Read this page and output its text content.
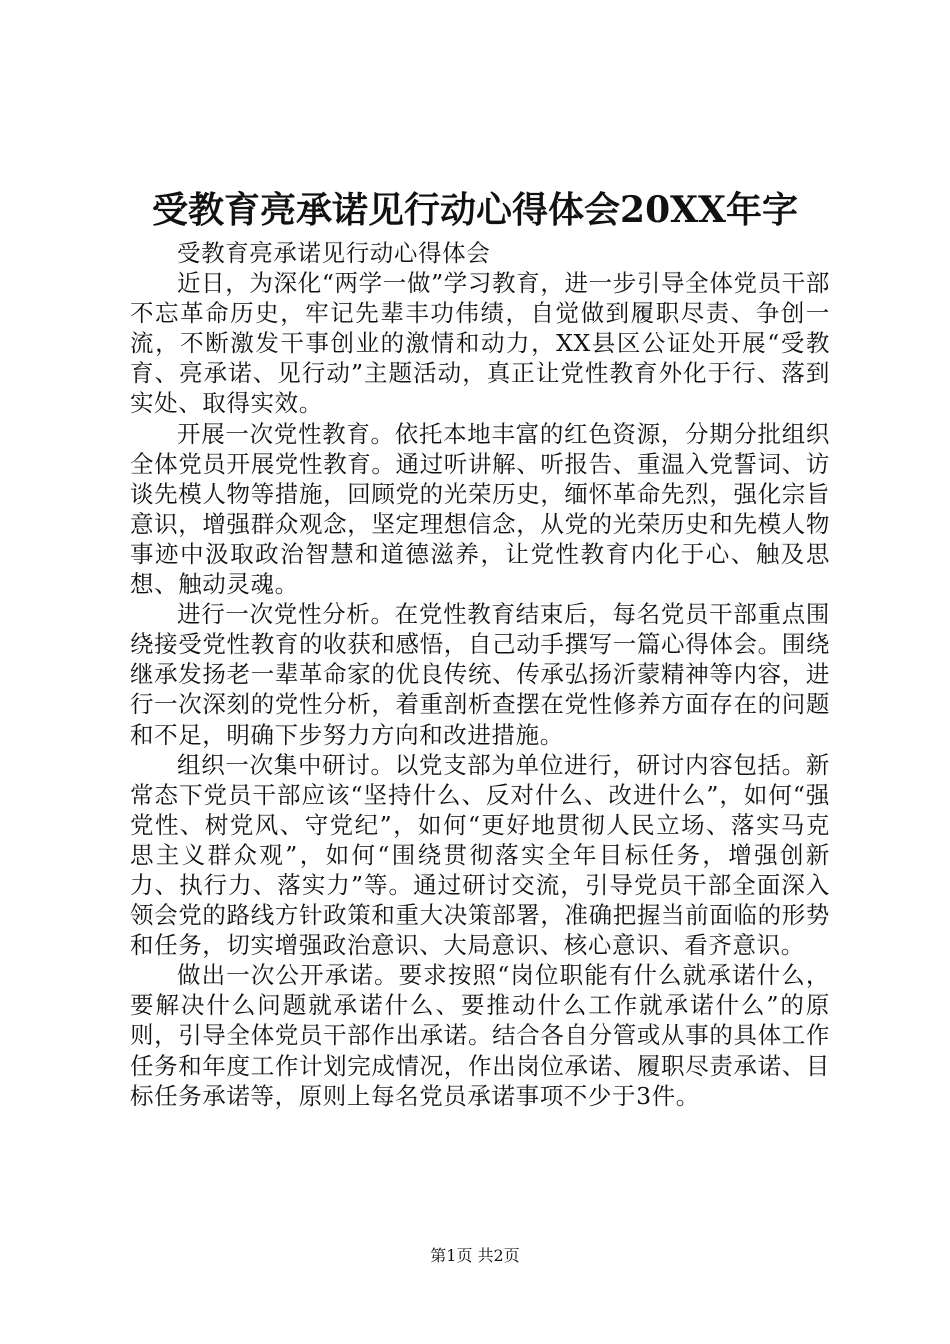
受教育亮承诺见行动心得体会20XX年字

受教育亮承诺见行动心得体会

近日，为深化“两学一做”学习教育，进一步引导全体党员干部不忘革命历史，牢记先辈丰功伟绩，自觉做到履职尽责、争创一流，不断激发干事创业的激情和动力，XX县区公证处开展“受教育、亮承诺、见行动”主题活动，真正让党性教育外化于行、落到实处、取得实效。

开展一次党性教育。依托本地丰富的红色资源，分期分批组织全体党员开展党性教育。通过听讲解、听报告、重温入党誓词、访谈先模人物等措施，回顾党的光荣历史，缅怀革命先烈，强化宗旨意识，增强群众观念，坚定理想信念，从党的光荣历史和先模人物事迹中汲取政治智慧和道德滋养，让党性教育内化于心、触及思想、触动灵魂。

进行一次党性分析。在党性教育结束后，每名党员干部重点围绕接受党性教育的收获和感悟，自己动手撰写一篇心得体会。围绕继承发扬老一辈革命家的优良传统、传承弘扬沂蒙精神等内容，进行一次深刻的党性分析，着重剖析查摆在党性修养方面存在的问题和不足，明确下步努力方向和改进措施。

组织一次集中研讨。以党支部为单位进行，研讨内容包括。新常态下党员干部应该“坚持什么、反对什么、改进什么”，如何“强党性、树党风、守党纪”，如何“更好地贯彻人民立场、落实马克思主义群众观”，如何“围绕贯彻落实全年目标任务，增强创新力、执行力、落实力”等。通过研讨交流，引导党员干部全面深入领会党的路线方针政策和重大决策部署，准确把握当前面临的形势和任务，切实增强政治意识、大局意识、核心意识、看齐意识。

做出一次公开承诺。要求按照“岗位职能有什么就承诺什么，要解决什么问题就承诺什么、要推动什么工作就承诺什么”的原则，引导全体党员干部作出承诺。结合各自分管或从事的具体工作任务和年度工作计划完成情况，作出岗位承诺、履职尽责承诺、目标任务承诺等，原则上每名党员承诺事项不少于3件。

第1页 共2页
